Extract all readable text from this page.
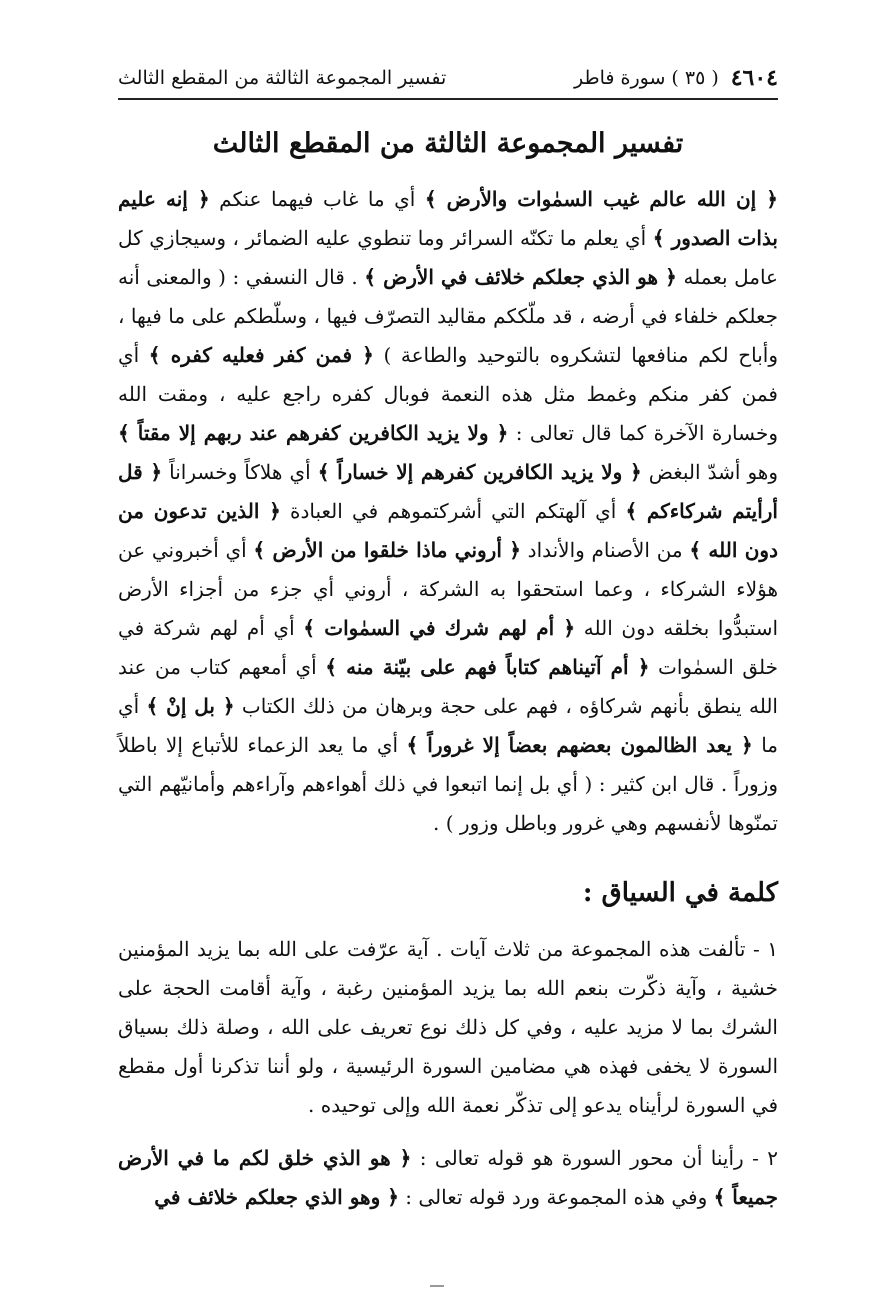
٤٦٠٤
( ٣٥ ) سورة فاطر
تفسير المجموعة الثالثة من المقطع الثالث
تفسير المجموعة الثالثة من المقطع الثالث

﴿ إن الله عالم غيب السمٰوات والأرض ﴾ أي ما غاب فيهما عنكم ﴿ إنه عليم بذات الصدور ﴾ أي يعلم ما تكنّه السرائر وما تنطوي عليه الضمائر ، وسيجازي كل عامل بعمله ﴿ هو الذي جعلكم خلائف في الأرض ﴾ . قال النسفي : ( والمعنى أنه جعلكم خلفاء في أرضه ، قد ملّككم مقاليد التصرّف فيها ، وسلّطكم على ما فيها ، وأباح لكم منافعها لتشكروه بالتوحيد والطاعة ) ﴿ فمن كفر فعليه كفره ﴾ أي فمن كفر منكم وغمط مثل هذه النعمة فوبال كفره راجع عليه ، ومقت الله وخسارة الآخرة كما قال تعالى : ﴿ ولا يزيد الكافرين كفرهم عند ربهم إلا مقتاً ﴾ وهو أشدّ البغض ﴿ ولا يزيد الكافرين كفرهم إلا خساراً ﴾ أي هلاكاً وخسراناً ﴿ قل أرأيتم شركاءكم ﴾ أي آلهتكم التي أشركتموهم في العبادة ﴿ الذين تدعون من دون الله ﴾ من الأصنام والأنداد ﴿ أروني ماذا خلقوا من الأرض ﴾ أي أخبروني عن هؤلاء الشركاء ، وعما استحقوا به الشركة ، أروني أي جزء من أجزاء الأرض استبدُّوا بخلقه دون الله ﴿ أم لهم شرك في السمٰوات ﴾ أي أم لهم شركة في خلق السمٰوات ﴿ أم آتيناهم كتاباً فهم على بيّنة منه ﴾ أي أمعهم كتاب من عند الله ينطق بأنهم شركاؤه ، فهم على حجة وبرهان من ذلك الكتاب ﴿ بل إنْ ﴾ أي ما ﴿ يعد الظالمون بعضهم بعضاً إلا غروراً ﴾ أي ما يعد الزعماء للأتباع إلا باطلاً وزوراً . قال ابن كثير : ( أي بل إنما اتبعوا في ذلك أهواءهم وآراءهم وأمانيّهم التي تمنّوها لأنفسهم وهي غرور وباطل وزور ) .

كلمة في السياق :

١ - تألفت هذه المجموعة من ثلاث آيات . آية عرّفت على الله بما يزيد المؤمنين خشية ، وآية ذكّرت بنعم الله بما يزيد المؤمنين رغبة ، وآية أقامت الحجة على الشرك بما لا مزيد عليه ، وفي كل ذلك نوع تعريف على الله ، وصلة ذلك بسياق السورة لا يخفى فهذه هي مضامين السورة الرئيسية ، ولو أننا تذكرنا أول مقطع في السورة لرأيناه يدعو إلى تذكّر نعمة الله وإلى توحيده .

٢ - رأينا أن محور السورة هو قوله تعالى : ﴿ هو الذي خلق لكم ما في الأرض جميعاً ﴾ وفي هذه المجموعة ورد قوله تعالى : ﴿ وهو الذي جعلكم خلائف في
